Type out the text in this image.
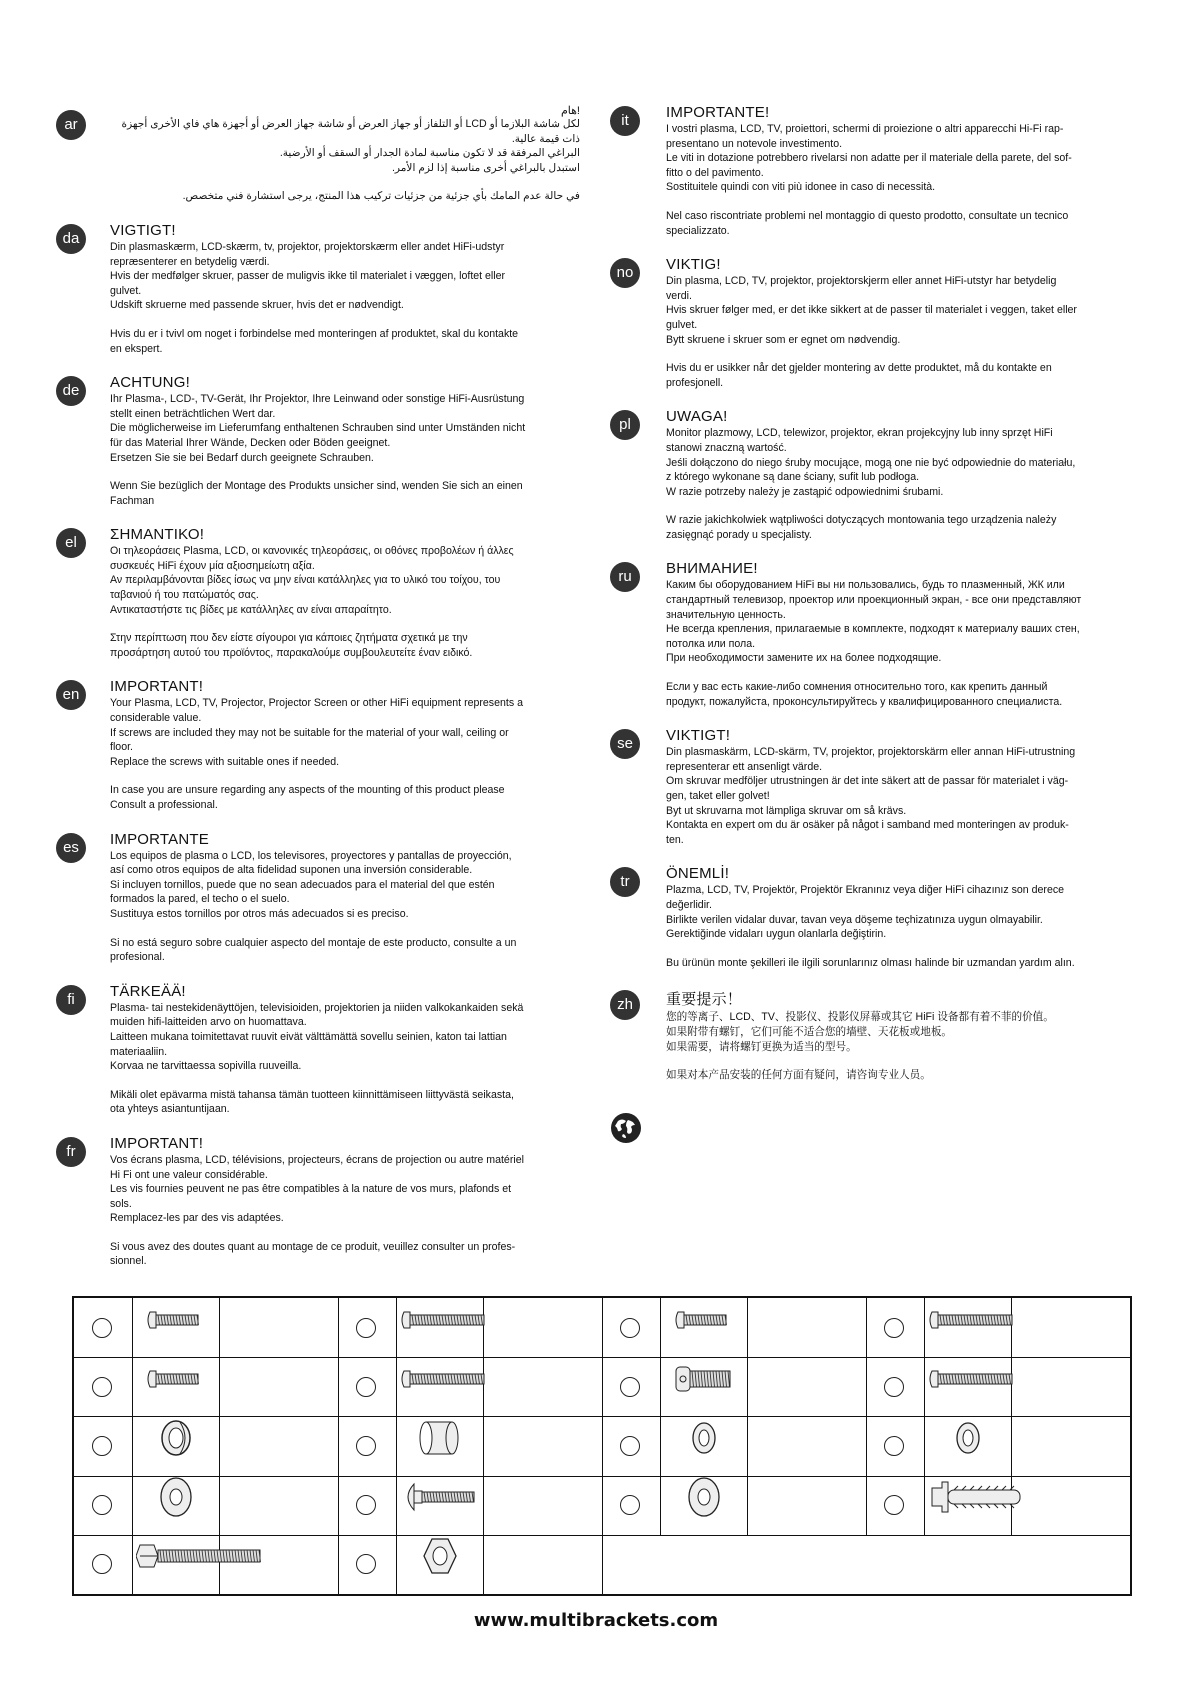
ar
!هام

لكل شاشة البلازما أو LCD أو التلفاز أو جهاز العرض أو شاشة جهاز العرض أو أجهزة هاي فاي الأخرى أجهزة ذات قيمة عالية.
البراغي المرفقة قد لا تكون مناسبة لمادة الجدار أو السقف أو الأرضية.
استبدل بالبراغي أخرى مناسبة إذا لزم الأمر.

في حالة عدم المامك بأي جزئية من جزئيات تركيب هذا المنتج، يرجى استشارة فني متخصص.

da	VIGTIGT!

Din plasmaskærm, LCD-skærm, tv, projektor, projektorskærm eller andet HiFi-udstyr
repræsenterer en betydelig værdi.
Hvis der medfølger skruer, passer de muligvis ikke til materialet i væggen, loftet eller
gulvet.
Udskift skruerne med passende skruer, hvis det er nødvendigt.

Hvis du er i tvivl om noget i forbindelse med monteringen af produktet, skal du kontakte
en ekspert.

de	ACHTUNG!

Ihr Plasma-, LCD-, TV-Gerät, Ihr Projektor, Ihre Leinwand oder sonstige HiFi-Ausrüstung
stellt einen beträchtlichen Wert dar.
Die möglicherweise im Lieferumfang enthaltenen Schrauben sind unter Umständen nicht
für das Material Ihrer Wände, Decken oder Böden geeignet.
Ersetzen Sie sie bei Bedarf durch geeignete Schrauben.

Wenn Sie bezüglich der Montage des Produkts unsicher sind, wenden Sie sich an einen
Fachman

el	ΣΗΜΑΝΤΙΚΟ!

Οι τηλεοράσεις Plasma, LCD, οι κανονικές τηλεοράσεις, οι οθόνες προβολέων ή άλλες
συσκευές HiFi έχουν μία αξιοσημείωτη αξία.
Αν περιλαμβάνονται βίδες ίσως να μην είναι κατάλληλες για το υλικό του τοίχου, του
ταβανιού ή του πατώματός σας.
Αντικαταστήστε τις βίδες με κατάλληλες αν είναι απαραίτητο.

Στην περίπτωση που δεν είστε σίγουροι για κάποιες ζητήματα σχετικά με την
προσάρτηση αυτού του προϊόντος, παρακαλούμε συμβουλευτείτε έναν ειδικό.

en	IMPORTANT!

Your Plasma, LCD, TV, Projector, Projector Screen or other HiFi equipment represents a
considerable value.
If screws are included they may not be suitable for the material of your wall, ceiling or
floor.
Replace the screws with suitable ones if needed.

In case you are unsure regarding any aspects of the mounting of this product please
Consult a professional.

es	IMPORTANTE

Los equipos de plasma o LCD, los televisores, proyectores y pantallas de proyección,
así como otros equipos de alta fidelidad suponen una inversión considerable.
Si incluyen tornillos, puede que no sean adecuados para el material del que estén
formados la pared, el techo o el suelo.
Sustituya estos tornillos por otros más adecuados si es preciso.

Si no está seguro sobre cualquier aspecto del montaje de este producto, consulte a un
profesional.

fi	TÄRKEÄÄ!

Plasma- tai nestekidenäyttöjen, televisioiden, projektorien ja niiden valkokankaiden sekä
muiden hifi-laitteiden arvo on huomattava.
Laitteen mukana toimitettavat ruuvit eivät välttämättä sovellu seinien, katon tai lattian
materiaaliin.
Korvaa ne tarvittaessa sopivilla ruuveilla.

Mikäli olet epävarma mistä tahansa tämän tuotteen kiinnittämiseen liittyvästä seikasta,
ota yhteys asiantuntijaan.

fr	IMPORTANT!

Vos écrans plasma, LCD, télévisions, projecteurs, écrans de projection ou autre matériel
Hi Fi ont une valeur considérable.
Les vis fournies peuvent ne pas être compatibles à la nature de vos murs, plafonds et
sols.
Remplacez-les par des vis adaptées.

Si vous avez des doutes quant au montage de ce produit, veuillez consulter un profes-
sionnel.

it	IMPORTANTE!

I vostri plasma, LCD, TV, proiettori, schermi di proiezione o altri apparecchi Hi-Fi rap-
presentano un notevole investimento.
Le viti in dotazione potrebbero rivelarsi non adatte per il materiale della parete, del sof-
fitto o del pavimento.
Sostituitele quindi con viti più idonee in caso di necessità.

Nel caso riscontriate problemi nel montaggio di questo prodotto, consultate un tecnico
specializzato.

no	VIKTIG!

Din plasma, LCD, TV, projektor, projektorskjerm eller annet HiFi-utstyr har betydelig
verdi.
Hvis skruer følger med, er det ikke sikkert at de passer til materialet i veggen, taket eller
gulvet.
Bytt skruene i skruer som er egnet om nødvendig.

Hvis du er usikker når det gjelder montering av dette produktet, må du kontakte en
profesjonell.

pl	UWAGA!

Monitor plazmowy, LCD, telewizor, projektor, ekran projekcyjny lub inny sprzęt HiFi
stanowi znaczną wartość.
Jeśli dołączono do niego śruby mocujące, mogą one nie być odpowiednie do materiału,
z którego wykonane są dane ściany, sufit lub podłoga.
W razie potrzeby należy je zastąpić odpowiednimi śrubami.

W razie jakichkolwiek wątpliwości dotyczących montowania tego urządzenia należy
zasięgnąć porady u specjalisty.

ru	ВНИМАНИЕ!

Каким бы оборудованием HiFi вы ни пользовались, будь то плазменный, ЖК или
стандартный телевизор, проектор или проекционный экран, - все они представляют
значительную ценность.
Не всегда крепления, прилагаемые в комплекте, подходят к материалу ваших стен,
потолка или пола.
При необходимости замените их на более подходящие.

Если у вас есть какие-либо сомнения относительно того, как крепить данный
продукт, пожалуйста, проконсультируйтесь у квалифицированного специалиста.

se	VIKTIGT!

Din plasmaskärm, LCD-skärm, TV, projektor, projektorskärm eller annan HiFi-utrustning
representerar ett ansenligt värde.
Om skruvar medföljer utrustningen är det inte säkert att de passar för materialet i väg-
gen, taket eller golvet!
Byt ut skruvarna mot lämpliga skruvar om så krävs.
Kontakta en expert om du är osäker på något i samband med monteringen av produk-
ten.

tr	ÖNEMLİ!

Plazma, LCD, TV, Projektör, Projektör Ekranınız veya diğer HiFi cihazınız son derece
değerlidir.
Birlikte verilen vidalar duvar, tavan veya döşeme teçhizatınıza uygun olmayabilir.
Gerektiğinde vidaları uygun olanlarla değiştirin.

Bu ürünün monte şekilleri ile ilgili sorunlarınız olması halinde bir uzmandan yardım alın.

zh	重要提示！

您的等离子、LCD、TV、投影仪、投影仪屏幕或其它 HiFi 设备都有着不菲的价值。
如果附带有螺钉，它们可能不适合您的墙壁、天花板或地板。
如果需要，请将螺钉更换为适当的型号。

如果对本产品安装的任何方面有疑问，请咨询专业人员。

www.multibrackets.com
